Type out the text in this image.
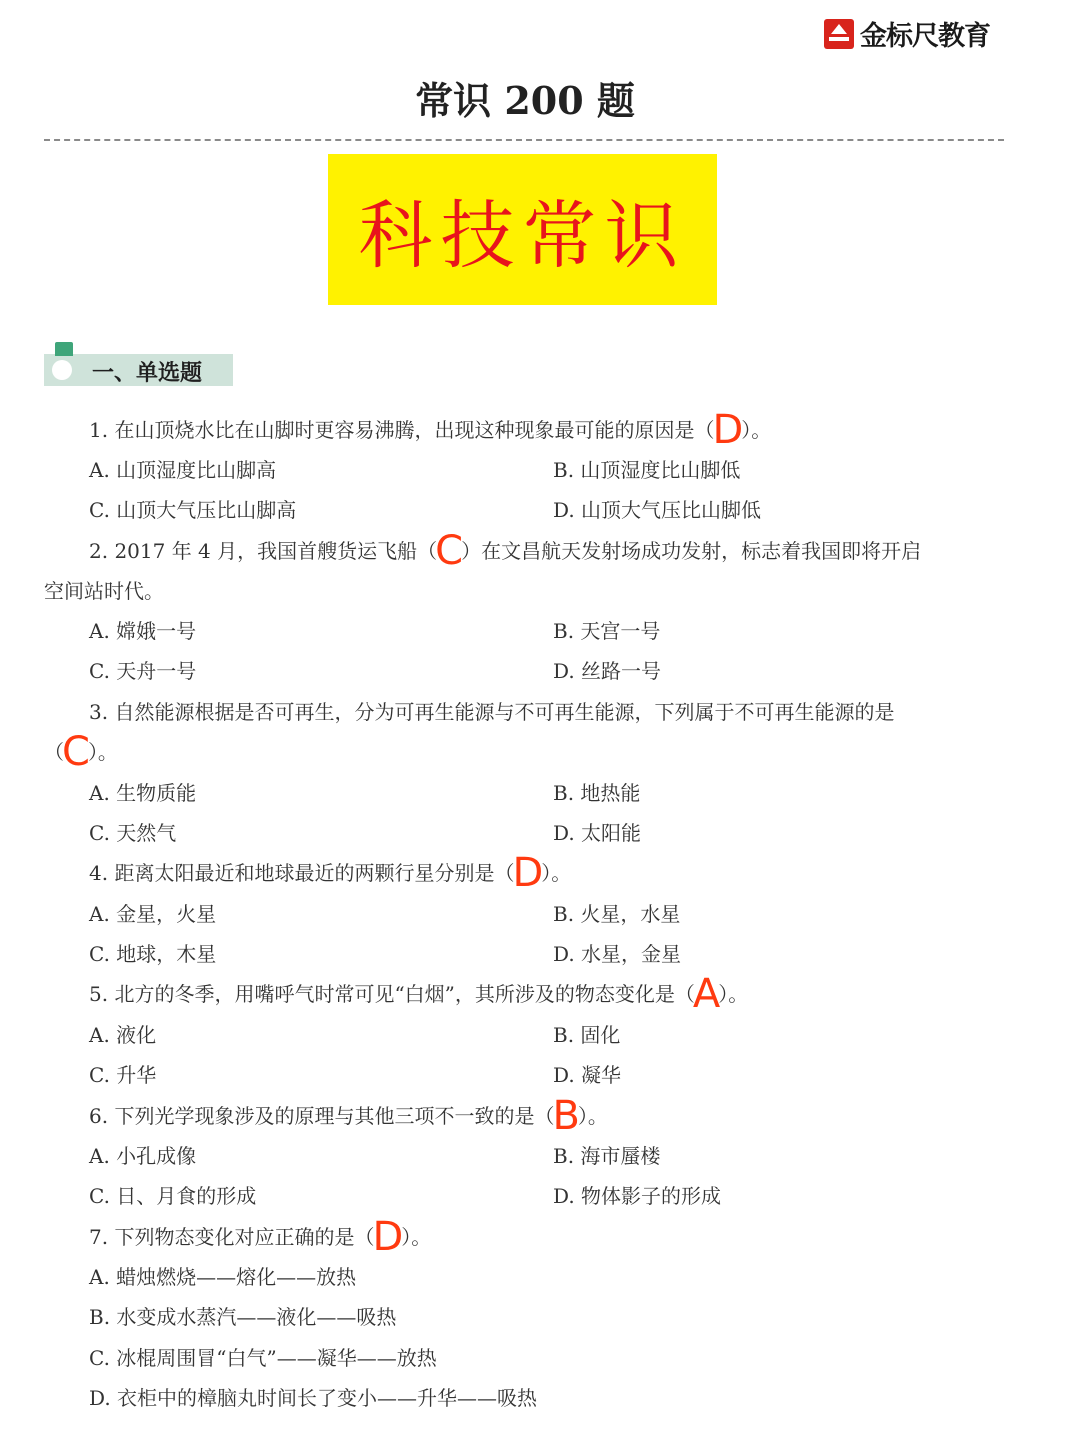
金标尺教育
常识 200 题
科技常识
一、单选题
1. 在山顶烧水比在山脚时更容易沸腾，出现这种现象最可能的原因是（D）。
A. 山顶湿度比山脚高	B. 山顶湿度比山脚低
C. 山顶大气压比山脚高	D. 山顶大气压比山脚低
2. 2017 年 4 月，我国首艘货运飞船（C）在文昌航天发射场成功发射，标志着我国即将开启
空间站时代。
A. 嫦娥一号	B. 天宫一号
C. 天舟一号	D. 丝路一号
3. 自然能源根据是否可再生，分为可再生能源与不可再生能源，下列属于不可再生能源的是
（C）。
A. 生物质能	B. 地热能
C. 天然气	D. 太阳能
4. 距离太阳最近和地球最近的两颗行星分别是（D）。
A. 金星，火星	B. 火星，水星
C. 地球，木星	D. 水星，金星
5. 北方的冬季，用嘴呼气时常可见“白烟”，其所涉及的物态变化是（A）。
A. 液化	B. 固化
C. 升华	D. 凝华
6. 下列光学现象涉及的原理与其他三项不一致的是（B）。
A. 小孔成像	B. 海市蜃楼
C. 日、月食的形成	D. 物体影子的形成
7. 下列物态变化对应正确的是（D）。
A. 蜡烛燃烧——熔化——放热
B. 水变成水蒸汽——液化——吸热
C. 冰棍周围冒“白气”——凝华——放热
D. 衣柜中的樟脑丸时间长了变小——升华——吸热
